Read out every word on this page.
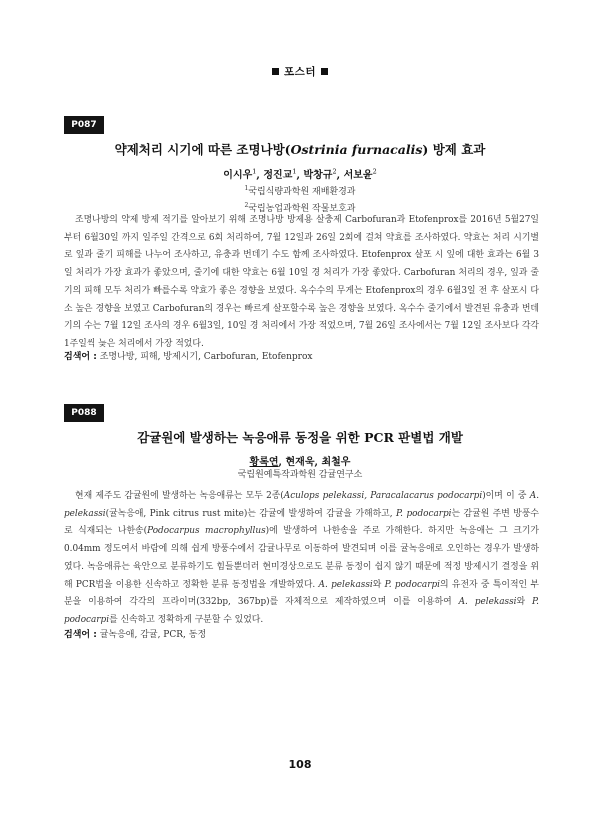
포스터
P087
약제처리 시기에 따른 조명나방(Ostrinia furnacalis) 방제 효과
이시우$^1$, 정진교$^1$, 박창규$^2$, 서보윤$^2$
$^1$국립식량과학원 재배환경과
$^2$국립농업과학원 작물보호과

조명나방의 약제 방제 적기를 알아보기 위해 조명나방 방제용 살충제 Carbofuran과 Etofenprox를 2016년 5월27일부터 6월30일 까지 일주일 간격으로 6회 처리하여, 7월 12일과 26일 2회에 걸쳐 약효를 조사하였다. 약효는 처리 시기별로 잎과 줄기 피해를 나누어 조사하고, 유충과 번데기 수도 함께 조사하였다. Etofenprox 살포 시 잎에 대한 효과는 6월 3일 처리가 가장 효과가 좋았으며, 줄기에 대한 약효는 6월 10일 경 처리가 가장 좋았다. Carbofuran 처리의 경우, 잎과 줄기의 피해 모두 처리가 빠를수록 약효가 좋은 경향을 보였다. 옥수수의 무게는 Etofenprox의 경우 6월3일 전 후 살포시 다소 높은 경향을 보였고 Carbofuran의 경우는 빠르게 살포할수록 높은 경향을 보였다. 옥수수 줄기에서 발견된 유충과 번데기의 수는 7월 12일 조사의 경우 6월3일, 10일 경 처리에서 가장 적었으며, 7월 26일 조사에서는 7월 12일 조사보다 각각 1주일씩 늦은 처리에서 가장 적었다.

검색어 : 조명나방, 피해, 방제시기, Carbofuran, Etofenprox
P088
감귤원에 발생하는 녹응애류 동정을 위한 PCR 판별법 개발
황록연, 현재욱, 최철우
국립원예특작과학원 감귤연구소

현재 제주도 감귤원에 발생하는 녹응애류는 모두 2종(Aculops pelekassi, Paracalacarus podocarpi)이며 이 중 A. pelekassi(귤녹응애, Pink citrus rust mite)는 감귤에 발생하여 감귤을 가해하고, P. podocarpi는 감귤원 주변 방풍수로 식재되는 나한송(Podocarpus macrophyllus)에 발생하여 나한송을 주로 가해한다. 하지만 녹응애는 그 크기가 0.04mm 정도여서 바람에 의해 쉽게 방풍수에서 감귤나무로 이동하여 발견되며 이를 귤녹응애로 오인하는 경우가 발생하였다. 녹응애류는 육안으로 분류하기도 힘들뿐더러 현미경상으로도 분류 동정이 쉽지 않기 때문에 적정 방제시기 결정을 위해 PCR법을 이용한 신속하고 정확한 분류 동정법을 개발하였다. A. pelekassi와 P. podocarpi의 유전자 중 특이적인 부분을 이용하여 각각의 프라이머(332bp, 367bp)를 자체적으로 제작하였으며 이를 이용하여 A. pelekassi와 P. podocarpi를 신속하고 정확하게 구분할 수 있었다.

검색어 : 귤녹응애, 감귤, PCR, 동정
108
